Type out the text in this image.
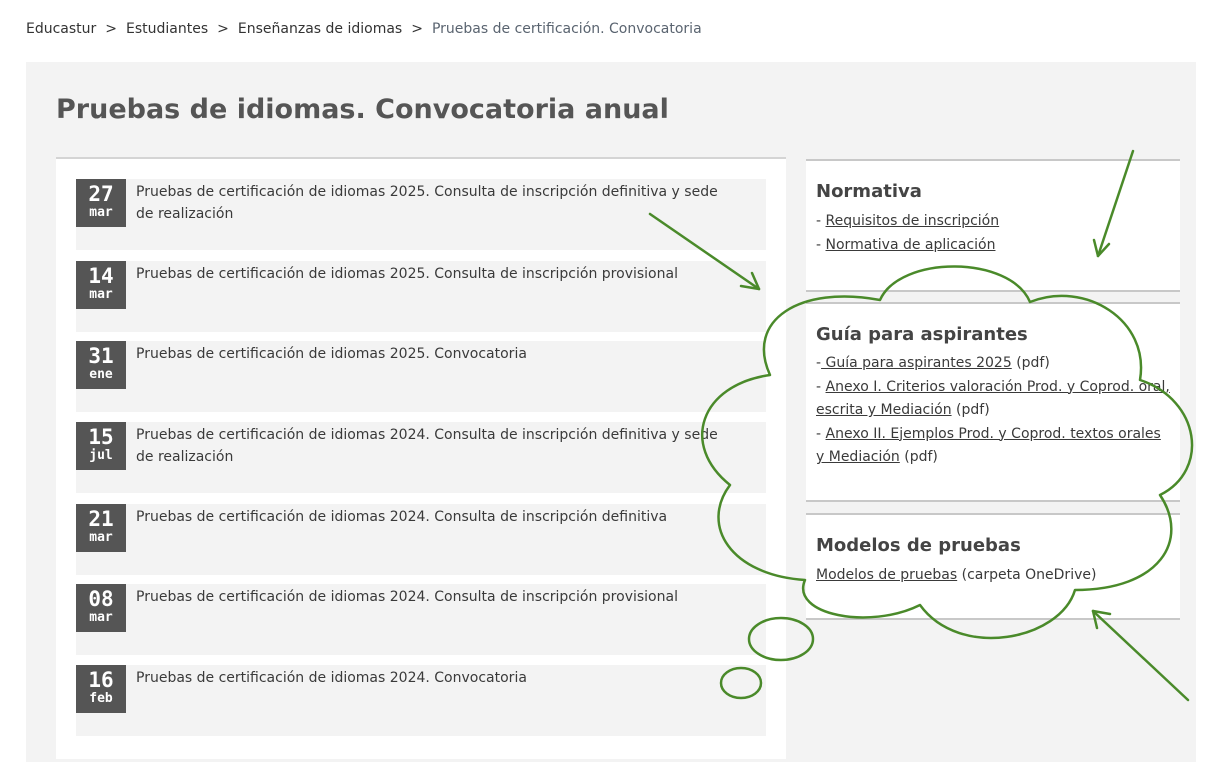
Educastur > Estudiantes > Enseñanzas de idiomas > Pruebas de certificación. Convocatoria
Pruebas de idiomas. Convocatoria anual
27
mar
Pruebas de certificación de idiomas 2025. Consulta de inscripción definitiva y sede de realización
14
mar
Pruebas de certificación de idiomas 2025. Consulta de inscripción provisional
31
ene
Pruebas de certificación de idiomas 2025. Convocatoria
15
jul
Pruebas de certificación de idiomas 2024. Consulta de inscripción definitiva y sede de realización
21
mar
Pruebas de certificación de idiomas 2024. Consulta de inscripción definitiva
08
mar
Pruebas de certificación de idiomas 2024. Consulta de inscripción provisional
16
feb
Pruebas de certificación de idiomas 2024. Convocatoria
Normativa
- Requisitos de inscripción
- Normativa de aplicación
Guía para aspirantes
- Guía para aspirantes 2025 (pdf)
- Anexo I. Criterios valoración Prod. y Coprod. oral, escrita y Mediación (pdf)
- Anexo II. Ejemplos Prod. y Coprod. textos orales y Mediación (pdf)
Modelos de pruebas
Modelos de pruebas (carpeta OneDrive)
